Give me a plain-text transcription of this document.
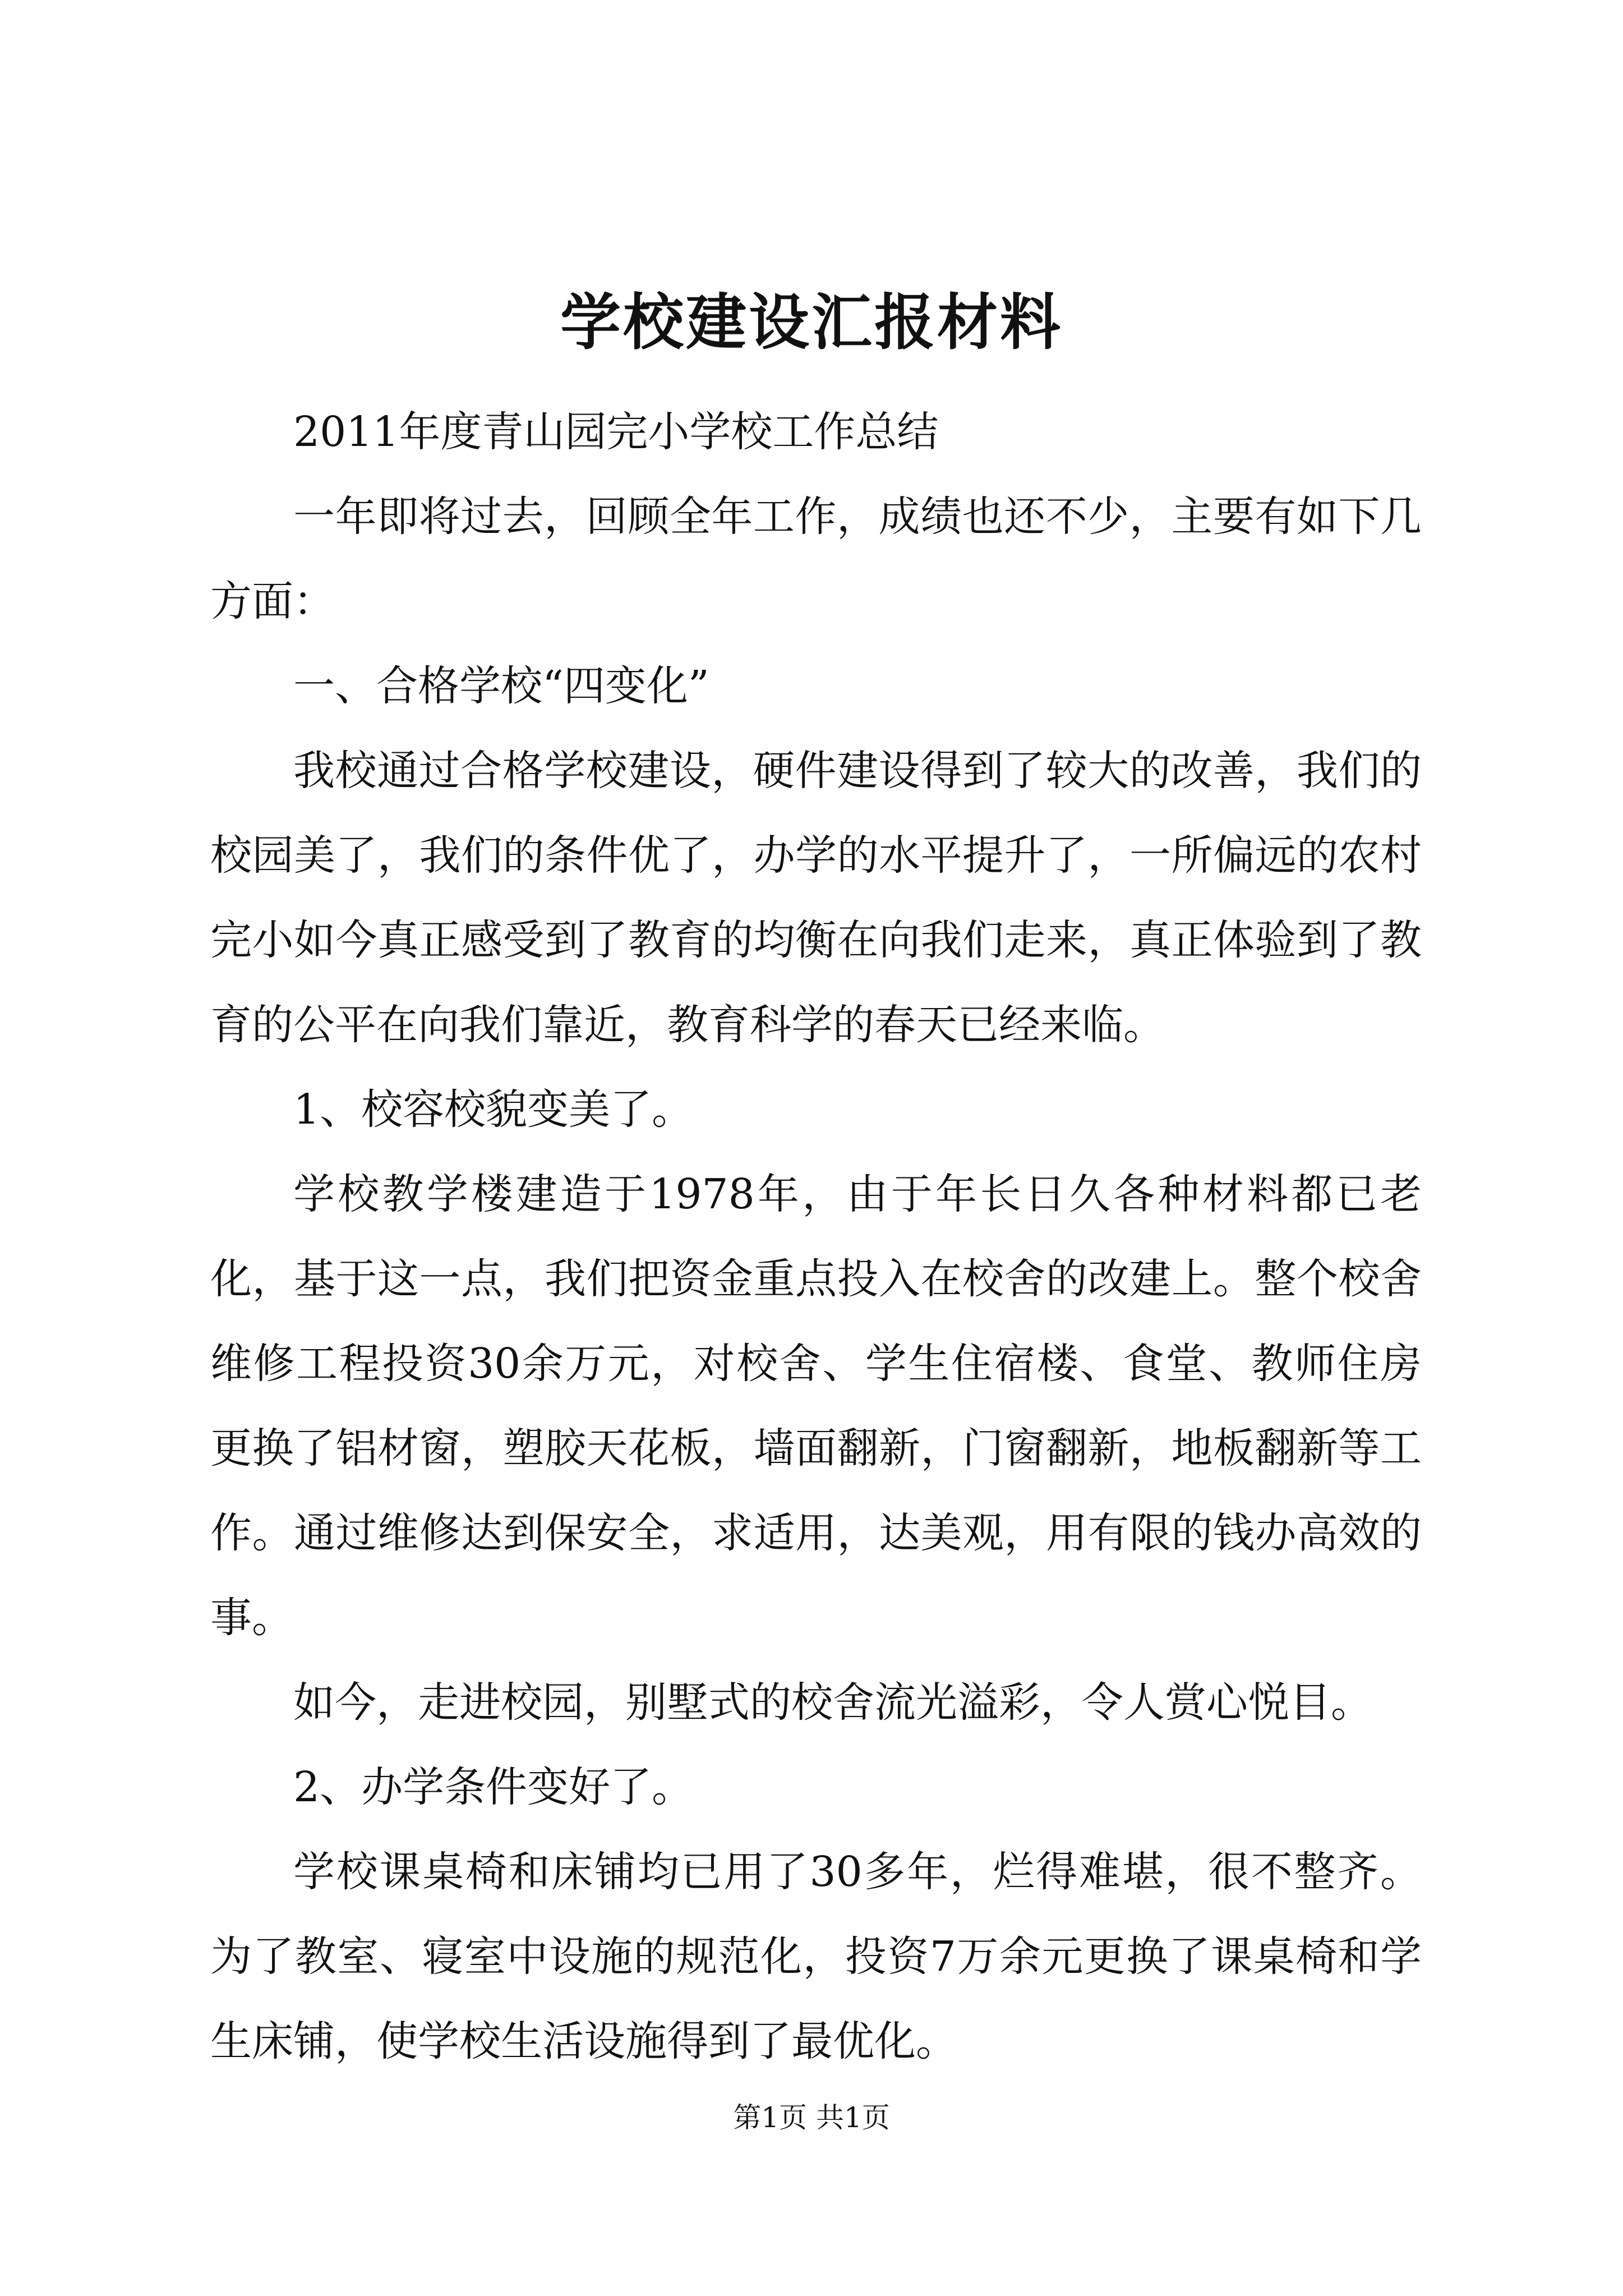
学校建设汇报材料

2011年度青山园完小学校工作总结

一年即将过去，回顾全年工作，成绩也还不少，主要有如下几方面：

一、合格学校“四变化”

我校通过合格学校建设，硬件建设得到了较大的改善，我们的校园美了，我们的条件优了，办学的水平提升了，一所偏远的农村完小如今真正感受到了教育的均衡在向我们走来，真正体验到了教育的公平在向我们靠近，教育科学的春天已经来临。

1、校容校貌变美了。

学校教学楼建造于1978年，由于年长日久各种材料都已老化，基于这一点，我们把资金重点投入在校舍的改建上。整个校舍维修工程投资30余万元，对校舍、学生住宿楼、食堂、教师住房更换了铝材窗，塑胶天花板，墙面翻新，门窗翻新，地板翻新等工作。通过维修达到保安全，求适用，达美观，用有限的钱办高效的事。

如今，走进校园，别墅式的校舍流光溢彩，令人赏心悦目。

2、办学条件变好了。

学校课桌椅和床铺均已用了30多年，烂得难堪，很不整齐。为了教室、寝室中设施的规范化，投资7万余元更换了课桌椅和学生床铺，使学校生活设施得到了最优化。

第1页 共1页
